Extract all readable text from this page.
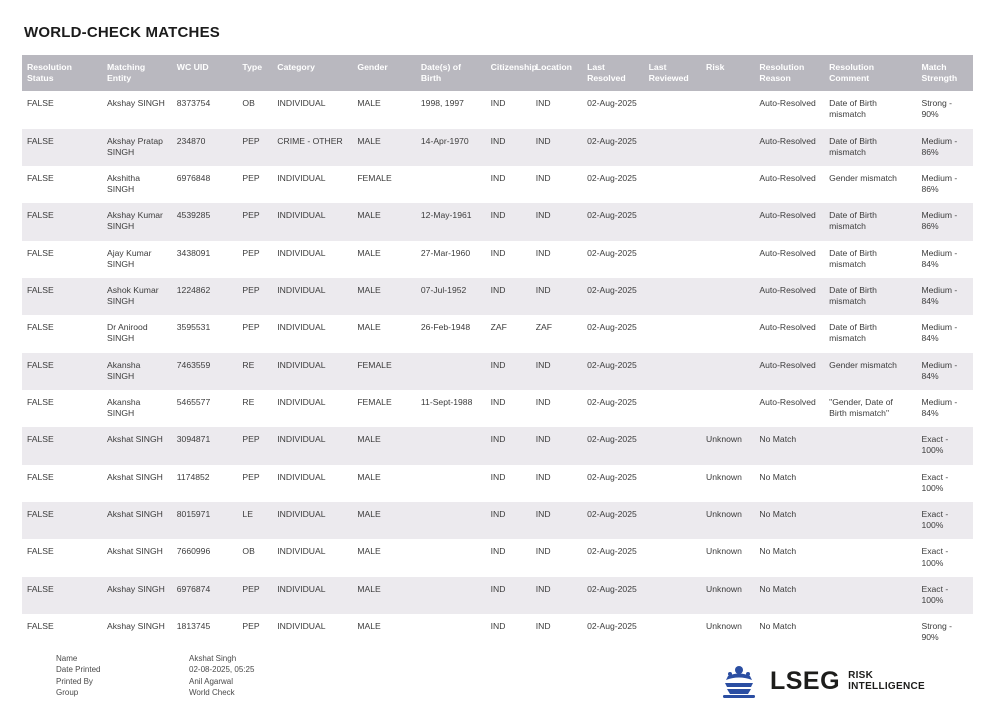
WORLD-CHECK MATCHES
Resolution Status	Matching Entity	WC UID	Type	Category	Gender	Date(s) of Birth	Citizenship	Location	Last Resolved	Last Reviewed	Risk	Resolution Reason	Resolution Comment	Match Strength
FALSE	Akshay SINGH	8373754	OB	INDIVIDUAL	MALE	1998, 1997	IND	IND	02-Aug-2025			Auto-Resolved	Date of Birth mismatch	Strong - 90%
FALSE	Akshay Pratap SINGH	234870	PEP	CRIME - OTHER	MALE	14-Apr-1970	IND	IND	02-Aug-2025			Auto-Resolved	Date of Birth mismatch	Medium - 86%
FALSE	Akshitha SINGH	6976848	PEP	INDIVIDUAL	FEMALE		IND	IND	02-Aug-2025			Auto-Resolved	Gender mismatch	Medium - 86%
FALSE	Akshay Kumar SINGH	4539285	PEP	INDIVIDUAL	MALE	12-May-1961	IND	IND	02-Aug-2025			Auto-Resolved	Date of Birth mismatch	Medium - 86%
FALSE	Ajay Kumar SINGH	3438091	PEP	INDIVIDUAL	MALE	27-Mar-1960	IND	IND	02-Aug-2025			Auto-Resolved	Date of Birth mismatch	Medium - 84%
FALSE	Ashok Kumar SINGH	1224862	PEP	INDIVIDUAL	MALE	07-Jul-1952	IND	IND	02-Aug-2025			Auto-Resolved	Date of Birth mismatch	Medium - 84%
FALSE	Dr Anirood SINGH	3595531	PEP	INDIVIDUAL	MALE	26-Feb-1948	ZAF	ZAF	02-Aug-2025			Auto-Resolved	Date of Birth mismatch	Medium - 84%
FALSE	Akansha SINGH	7463559	RE	INDIVIDUAL	FEMALE		IND	IND	02-Aug-2025			Auto-Resolved	Gender mismatch	Medium - 84%
FALSE	Akansha SINGH	5465577	RE	INDIVIDUAL	FEMALE	11-Sept-1988	IND	IND	02-Aug-2025			Auto-Resolved	"Gender, Date of Birth mismatch"	Medium - 84%
FALSE	Akshat SINGH	3094871	PEP	INDIVIDUAL	MALE		IND	IND	02-Aug-2025		Unknown	No Match		Exact - 100%
FALSE	Akshat SINGH	1174852	PEP	INDIVIDUAL	MALE		IND	IND	02-Aug-2025		Unknown	No Match		Exact - 100%
FALSE	Akshat SINGH	8015971	LE	INDIVIDUAL	MALE		IND	IND	02-Aug-2025		Unknown	No Match		Exact - 100%
FALSE	Akshat SINGH	7660996	OB	INDIVIDUAL	MALE		IND	IND	02-Aug-2025		Unknown	No Match		Exact - 100%
FALSE	Akshay SINGH	6976874	PEP	INDIVIDUAL	MALE		IND	IND	02-Aug-2025		Unknown	No Match		Exact - 100%
FALSE	Akshay SINGH	1813745	PEP	INDIVIDUAL	MALE		IND	IND	02-Aug-2025		Unknown	No Match		Strong - 90%
Name	Akshat Singh
Date Printed	02-08-2025, 05:25
Printed By	Anil Agarwal
Group	World Check	LSEG RISK
INTELLIGENCE
